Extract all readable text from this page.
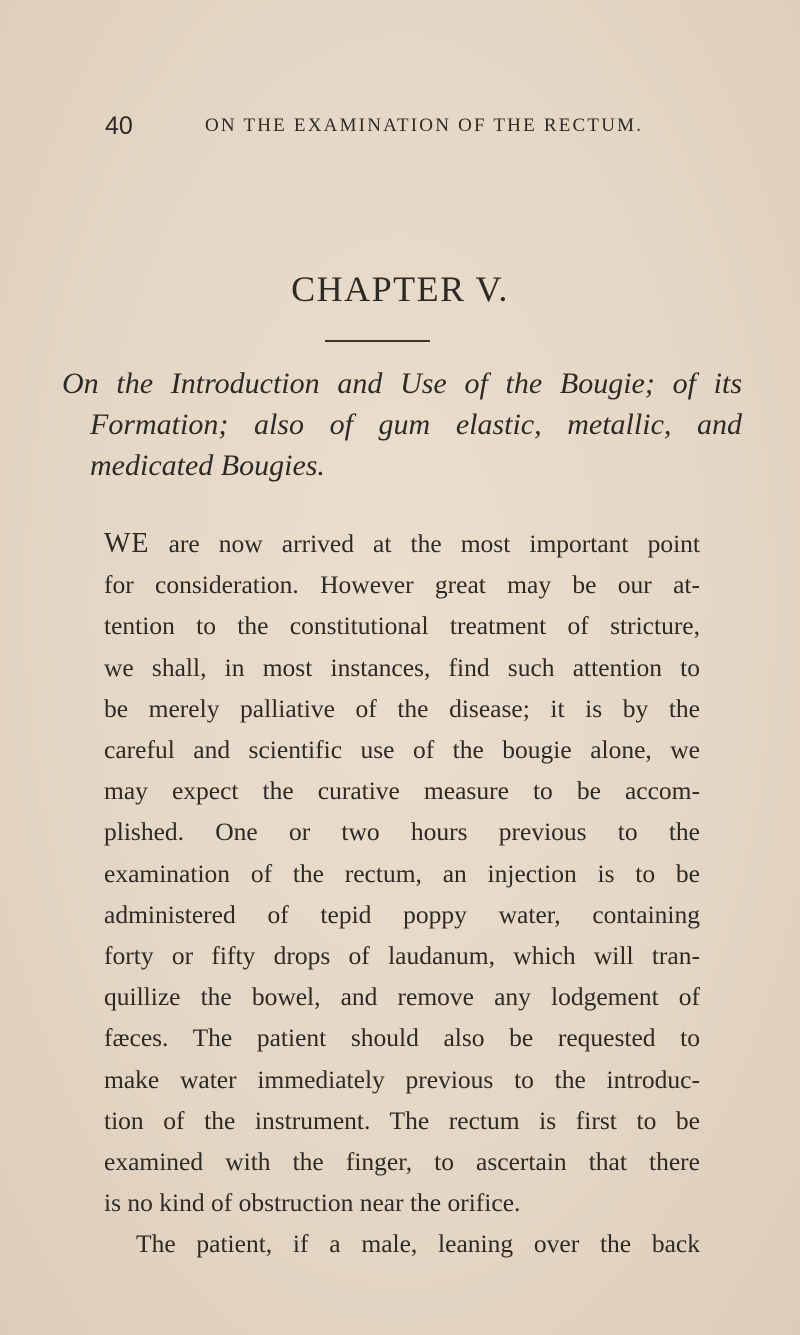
40	ON THE EXAMINATION OF THE RECTUM.
CHAPTER V.
On the Introduction and Use of the Bougie; of its
Formation; also of gum elastic, metallic, and
medicated Bougies.
WE are now arrived at the most important point
for consideration. However great may be our at-
tention to the constitutional treatment of stricture,
we shall, in most instances, find such attention to
be merely palliative of the disease; it is by the
careful and scientific use of the bougie alone, we
may expect the curative measure to be accom-
plished. One or two hours previous to the
examination of the rectum, an injection is to be
administered of tepid poppy water, containing
forty or fifty drops of laudanum, which will tran-
quillize the bowel, and remove any lodgement of
fæces. The patient should also be requested to
make water immediately previous to the introduc-
tion of the instrument. The rectum is first to be
examined with the finger, to ascertain that there
is no kind of obstruction near the orifice.
The patient, if a male, leaning over the back
